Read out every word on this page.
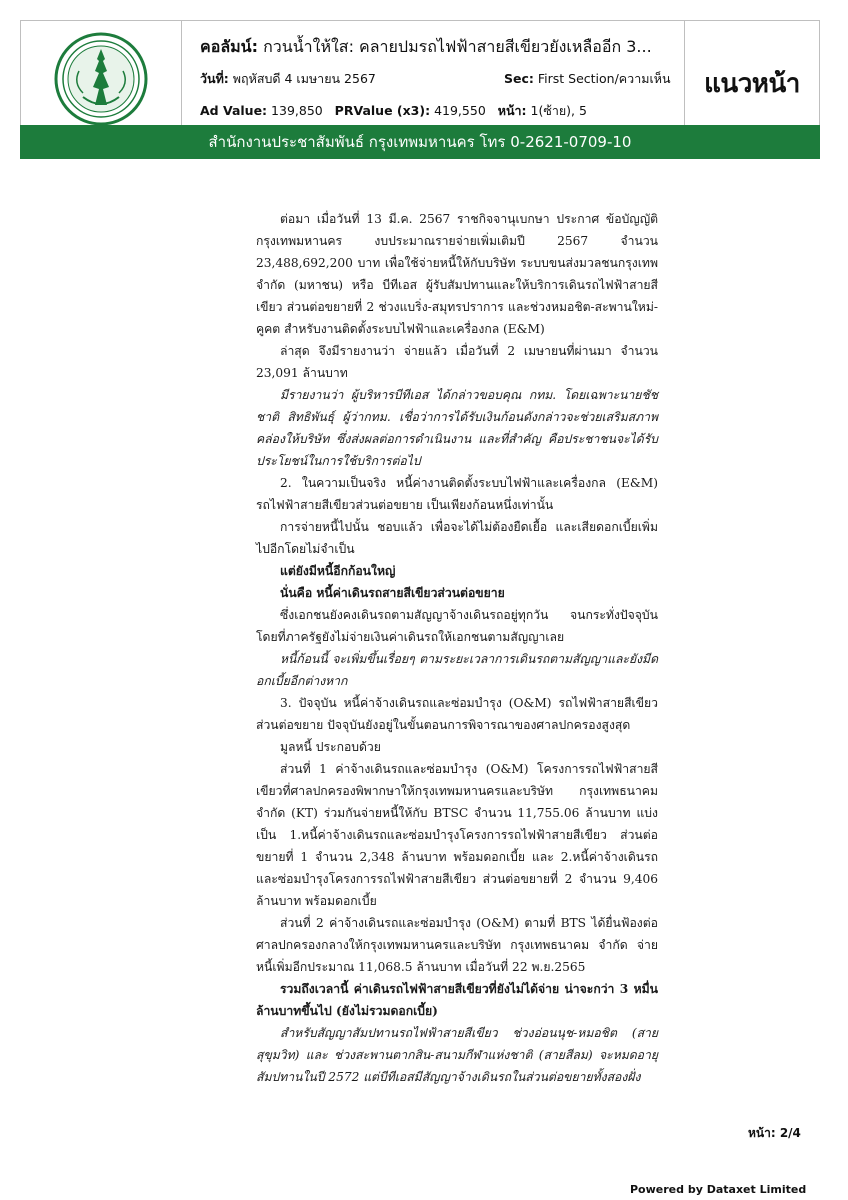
คอลัมน์: กวนน้ำให้ใส: คลายปมรถไฟฟ้าสายสีเขียวยังเหลืออีก 3...
วันที่: พฤหัสบดี 4 เมษายน 2567	Sec: First Section/ความเห็น
Ad Value: 139,850 PRValue (x3): 419,550 หน้า: 1(ซ้าย), 5
แนวหน้า
สำนักงานประชาสัมพันธ์ กรุงเทพมหานคร โทร 0-2621-0709-10

ต่อมา เมื่อวันที่ 13 มี.ค. 2567 ราชกิจจานุเบกษา ประกาศ ข้อบัญญัติกรุงเทพมหานคร งบประมาณรายจ่ายเพิ่มเติมปี 2567 จำนวน 23,488,692,200 บาท เพื่อใช้จ่ายหนี้ให้กับบริษัท ระบบขนส่งมวลชนกรุงเทพ จำกัด (มหาชน) หรือ บีทีเอส ผู้รับสัมปทานและให้บริการเดินรถไฟฟ้าสายสีเขียว ส่วนต่อขยายที่ 2 ช่วงแบริ่ง-สมุทรปราการ และช่วงหมอชิต-สะพานใหม่-คูคต สำหรับงานติดตั้งระบบไฟฟ้าและเครื่องกล (E&M)

ล่าสุด จึงมีรายงานว่า จ่ายแล้ว เมื่อวันที่ 2 เมษายนที่ผ่านมา จำนวน 23,091 ล้านบาท

มีรายงานว่า ผู้บริหารบีทีเอส ได้กล่าวขอบคุณ กทม. โดยเฉพาะนายชัชชาติ สิทธิพันธุ์ ผู้ว่ากทม. เชื่อว่าการได้รับเงินก้อนดังกล่าวจะช่วยเสริมสภาพคล่องให้บริษัท ซึ่งส่งผลต่อการดำเนินงาน และที่สำคัญ คือประชาชนจะได้รับประโยชน์ในการใช้บริการต่อไป

2. ในความเป็นจริง หนี้ค่างานติดตั้งระบบไฟฟ้าและเครื่องกล (E&M) รถไฟฟ้าสายสีเขียวส่วนต่อขยาย เป็นเพียงก้อนหนึ่งเท่านั้น

การจ่ายหนี้ไปนั้น ชอบแล้ว เพื่อจะได้ไม่ต้องยืดเยื้อ และเสียดอกเบี้ยเพิ่มไปอีกโดยไม่จำเป็น

แต่ยังมีหนี้อีกก้อนใหญ่

นั่นคือ หนี้ค่าเดินรถสายสีเขียวส่วนต่อขยาย

ซึ่งเอกชนยังคงเดินรถตามสัญญาจ้างเดินรถอยู่ทุกวัน จนกระทั่งปัจจุบัน โดยที่ภาครัฐยังไม่จ่ายเงินค่าเดินรถให้เอกชนตามสัญญาเลย

หนี้ก้อนนี้ จะเพิ่มขึ้นเรื่อยๆ ตามระยะเวลาการเดินรถตามสัญญาและยังมีดอกเบี้ยอีกต่างหาก

3. ปัจจุบัน หนี้ค่าจ้างเดินรถและซ่อมบำรุง (O&M) รถไฟฟ้าสายสีเขียวส่วนต่อขยาย ปัจจุบันยังอยู่ในขั้นตอนการพิจารณาของศาลปกครองสูงสุด

มูลหนี้ ประกอบด้วย

ส่วนที่ 1 ค่าจ้างเดินรถและซ่อมบำรุง (O&M) โครงการรถไฟฟ้าสายสีเขียวที่ศาลปกครองพิพากษาให้กรุงเทพมหานครและบริษัท กรุงเทพธนาคม จำกัด (KT) ร่วมกันจ่ายหนี้ให้กับ BTSC จำนวน 11,755.06 ล้านบาท แบ่งเป็น 1.หนี้ค่าจ้างเดินรถและซ่อมบำรุงโครงการรถไฟฟ้าสายสีเขียว ส่วนต่อขยายที่ 1 จำนวน 2,348 ล้านบาท พร้อมดอกเบี้ย และ 2.หนี้ค่าจ้างเดินรถและซ่อมบำรุงโครงการรถไฟฟ้าสายสีเขียว ส่วนต่อขยายที่ 2 จำนวน 9,406 ล้านบาท พร้อมดอกเบี้ย

ส่วนที่ 2 ค่าจ้างเดินรถและซ่อมบำรุง (O&M) ตามที่ BTS ได้ยื่นฟ้องต่อศาลปกครองกลางให้กรุงเทพมหานครและบริษัท กรุงเทพธนาคม จำกัด จ่ายหนี้เพิ่มอีกประมาณ 11,068.5 ล้านบาท เมื่อวันที่ 22 พ.ย.2565

รวมถึงเวลานี้ ค่าเดินรถไฟฟ้าสายสีเขียวที่ยังไม่ได้จ่าย น่าจะกว่า 3 หมื่นล้านบาทขึ้นไป (ยังไม่รวมดอกเบี้ย)

สำหรับสัญญาสัมปทานรถไฟฟ้าสายสีเขียว ช่วงอ่อนนุช-หมอชิต (สายสุขุมวิท) และ ช่วงสะพานตากสิน-สนามกีฬาแห่งชาติ (สายสีลม) จะหมดอายุสัมปทานในปี 2572 แต่บีทีเอสมีสัญญาจ้างเดินรถในส่วนต่อขยายทั้งสองฝั่ง

หน้า: 2/4
Powered by Dataxet Limited
